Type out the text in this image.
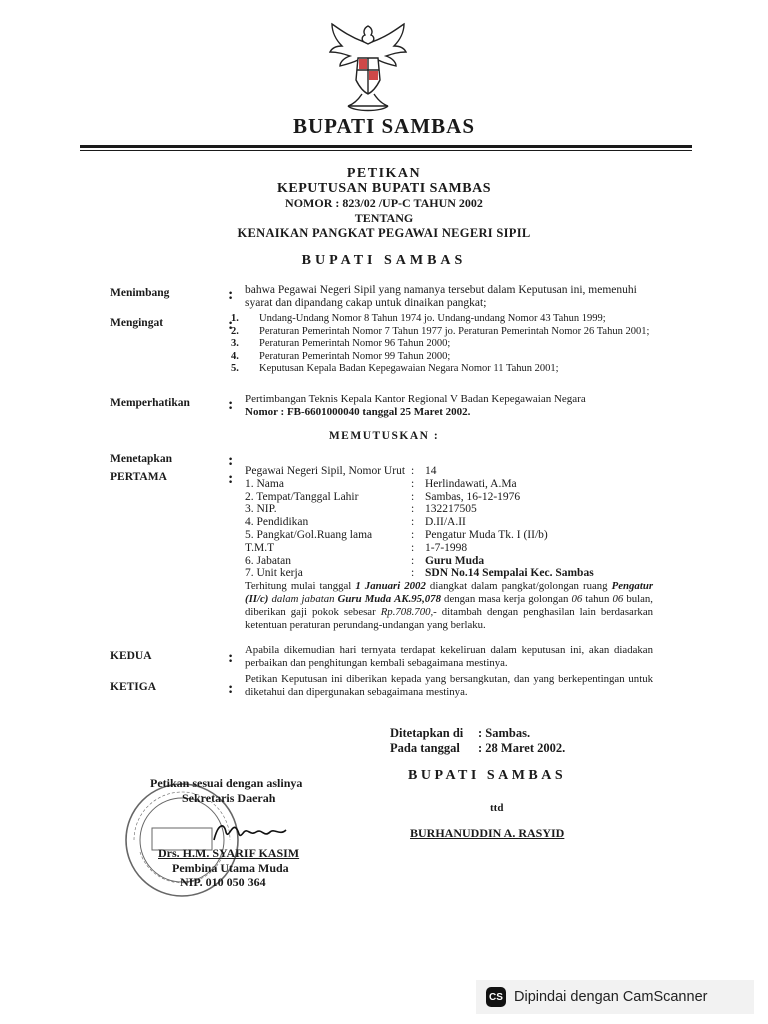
BUPATI SAMBAS
PETIKAN
KEPUTUSAN BUPATI SAMBAS
NOMOR : 823/02 /UP-C TAHUN 2002
TENTANG
KENAIKAN PANGKAT PEGAWAI NEGERI SIPIL
BUPATI SAMBAS
Menimbang	: bahwa Pegawai Negeri Sipil yang namanya tersebut dalam Keputusan ini, memenuhi syarat dan dipandang cakap untuk dinaikan pangkat;
Mengingat	:
1. Undang-Undang Nomor 8 Tahun 1974 jo. Undang-undang Nomor 43 Tahun 1999;
2. Peraturan Pemerintah Nomor 7 Tahun 1977 jo. Peraturan Pemerintah Nomor 26 Tahun 2001;
3. Peraturan Pemerintah Nomor 96 Tahun 2000;
4. Peraturan Pemerintah Nomor 99 Tahun 2000;
5. Keputusan Kepala Badan Kepegawaian Negara Nomor 11 Tahun 2001;
Memperhatikan : Pertimbangan Teknis Kepala Kantor Regional V Badan Kepegawaian Negara
Nomor : FB-6601000040 tanggal 25 Maret 2002.
MEMUTUSKAN :
Menetapkan	:
PERTAMA	: Pegawai Negeri Sipil, Nomor Urut : 14
1. Nama	: Herlindawati, A.Ma
2. Tempat/Tanggal Lahir	: Sambas, 16-12-1976
3. NIP.	: 132217505
4. Pendidikan	: D.II/A.II
5. Pangkat/Gol.Ruang lama	: Pengatur Muda Tk. I (II/b)
T.M.T	: 1-7-1998
6. Jabatan	: Guru Muda
7. Unit kerja	: SDN No.14 Sempalai Kec. Sambas
Terhitung mulai tanggal 1 Januari 2002 diangkat dalam pangkat/golongan ruang Pengatur (II/c) dalam jabatan Guru Muda AK.95,078 dengan masa kerja golongan 06 tahun 06 bulan, diberikan gaji pokok sebesar Rp.708.700,- ditambah dengan penghasilan lain berdasarkan ketentuan peraturan perundang-undangan yang berlaku.
KEDUA	: Apabila dikemudian hari ternyata terdapat kekeliruan dalam keputusan ini, akan diadakan perbaikan dan penghitungan kembali sebagaimana mestinya.
KETIGA	:
Petikan Keputusan ini diberikan kepada yang bersangkutan, dan yang berkepentingan untuk diketahui dan dipergunakan sebagaimana mestinya.
Ditetapkan di : Sambas.
Pada tanggal : 28 Maret 2002.
BUPATI SAMBAS
ttd
BURHANUDDIN A. RASYID
Petikan sesuai dengan aslinya
Sekretaris Daerah
Drs. H.M. SYARIF KASIM
Pembina Utama Muda
NIP. 010 050 364
CS Dipindai dengan CamScanner
